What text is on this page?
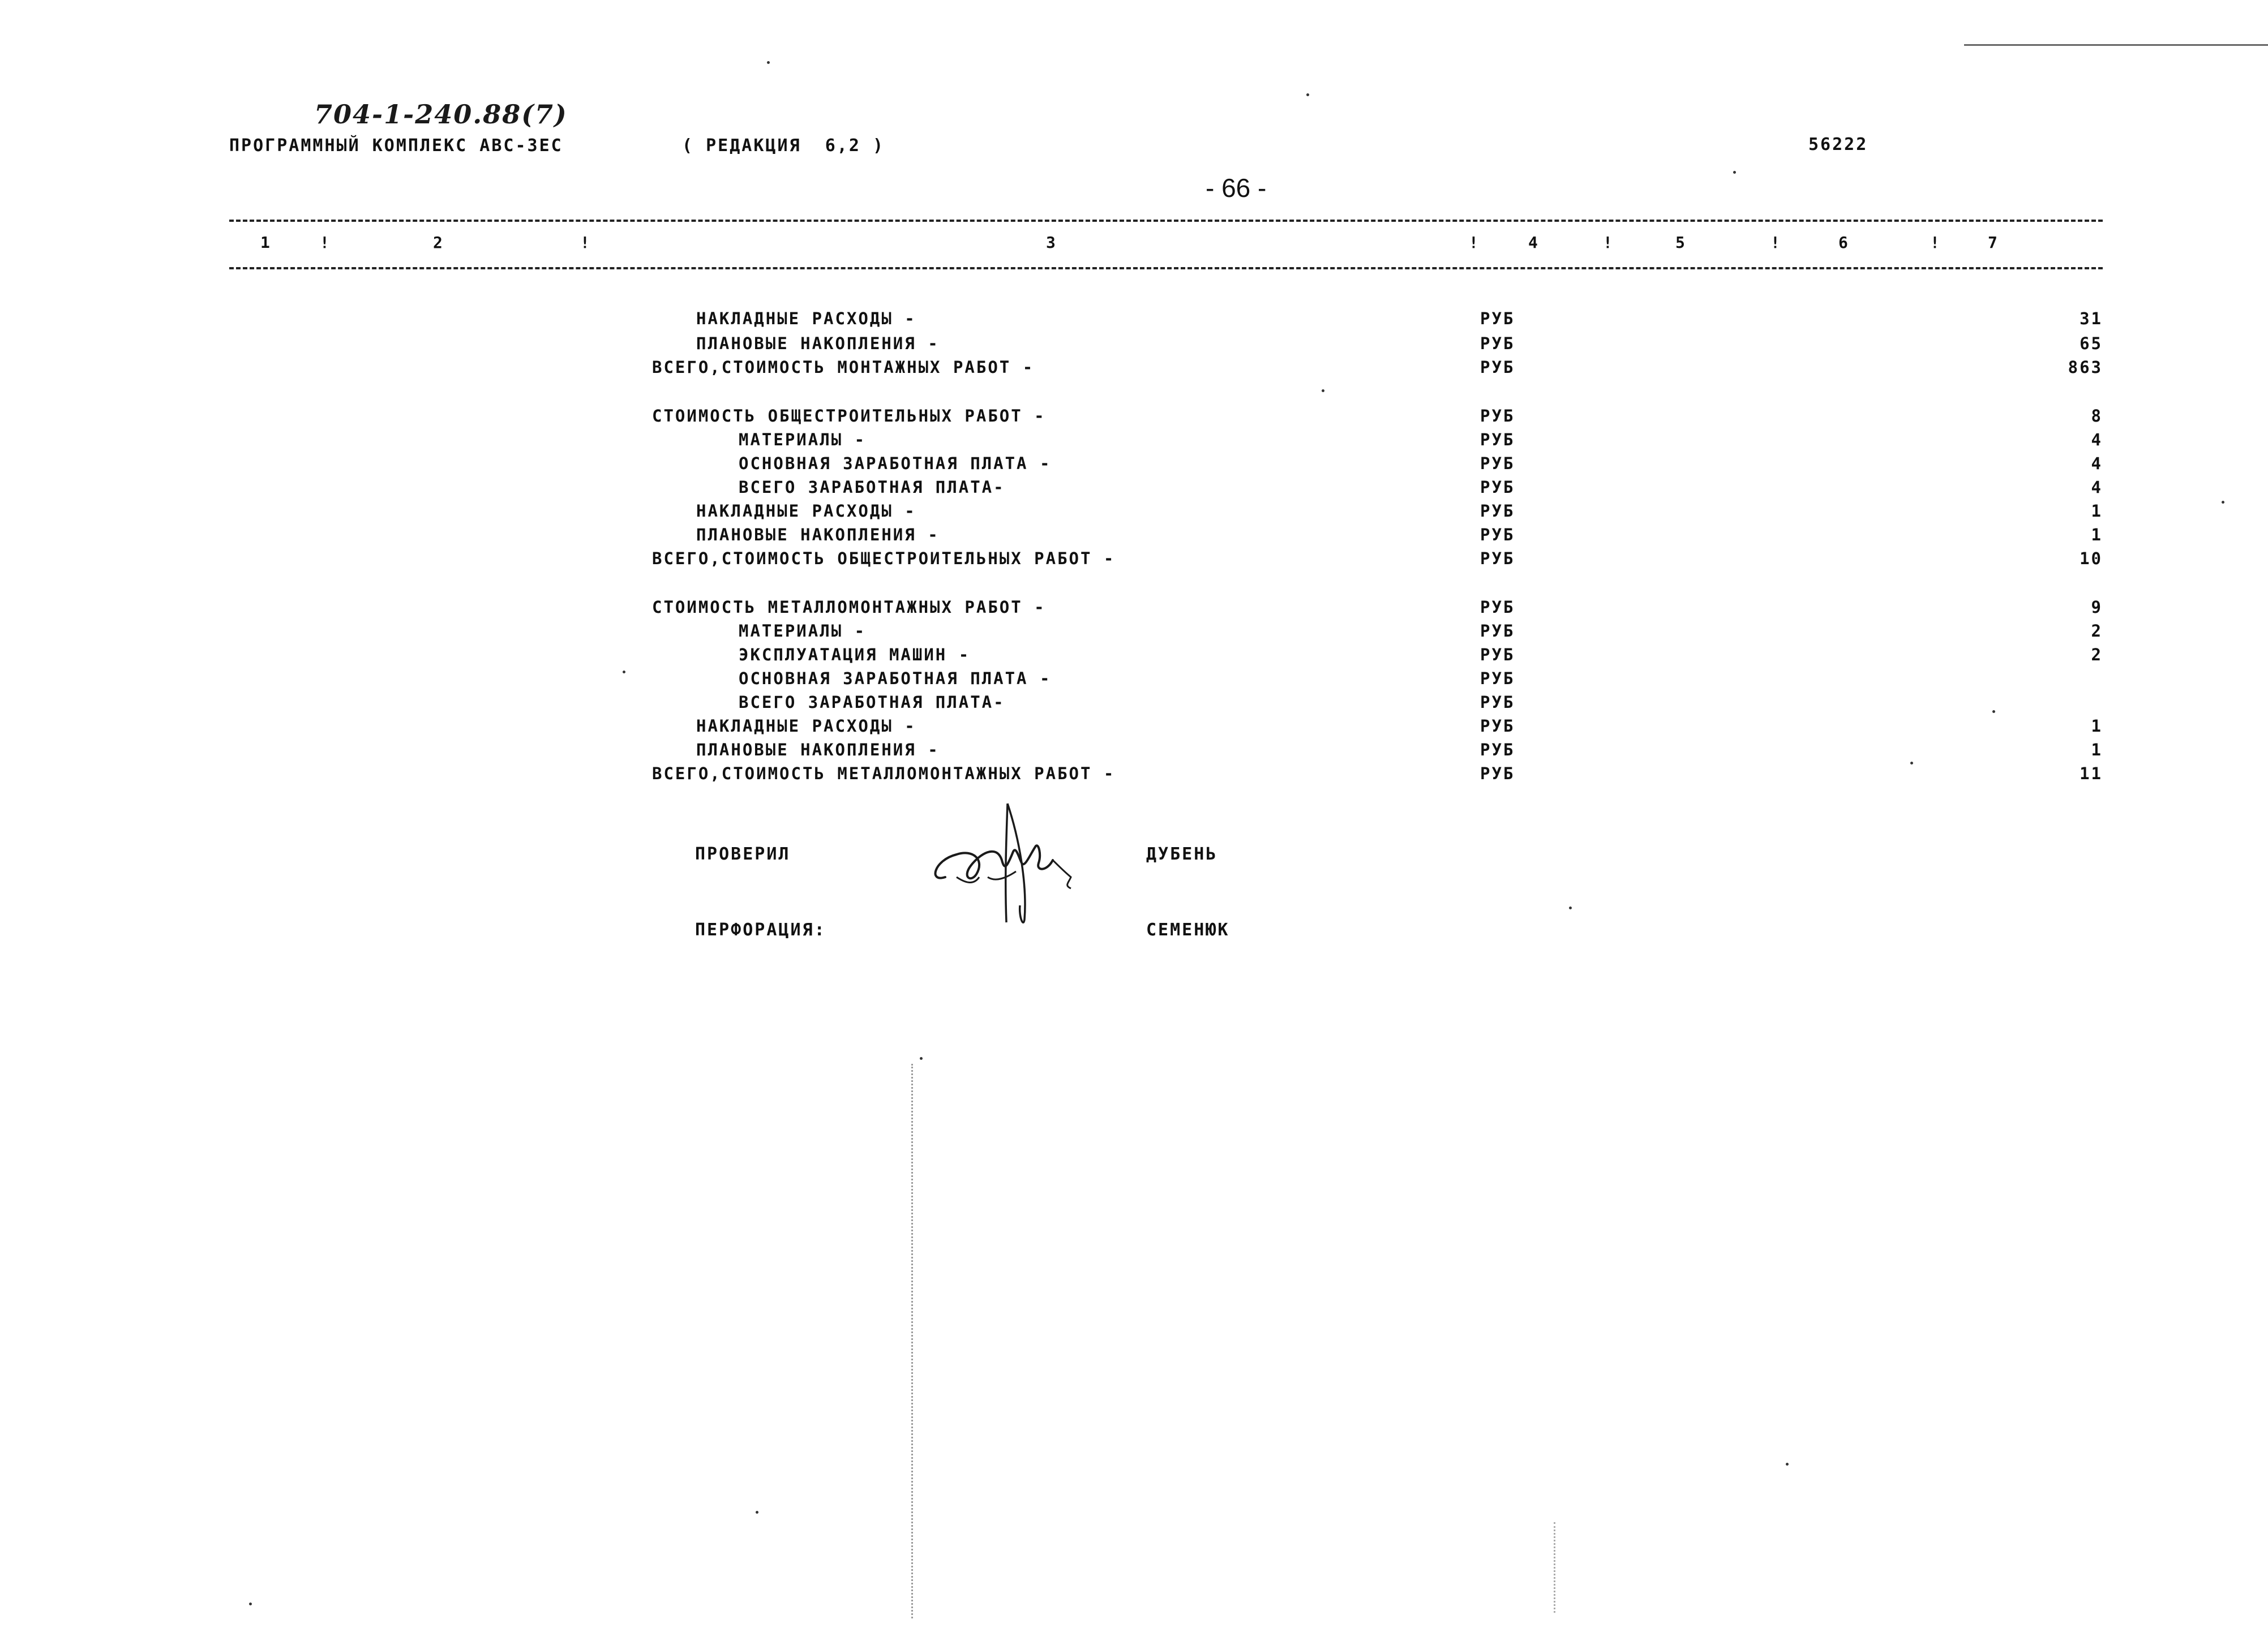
704-1-240.88(7)
ПРОГРАММНЫЙ КОМПЛЕКС АВС-3ЕС	( РЕДАКЦИЯ  6,2 )	56222
- 66 -
1	!	2	!	3	!	4	!	5	!	6	!	7
НАКЛАДНЫЕ РАСХОДЫ -	РУБ	31
ПЛАНОВЫЕ НАКОПЛЕНИЯ -	РУБ	65
ВСЕГО,СТОИМОСТЬ МОНТАЖНЫХ РАБОТ -	РУБ	863
СТОИМОСТЬ ОБЩЕСТРОИТЕЛЬНЫХ РАБОТ -	РУБ	8
МАТЕРИАЛЫ -	РУБ	4
ОСНОВНАЯ ЗАРАБОТНАЯ ПЛАТА -	РУБ	4
ВСЕГО ЗАРАБОТНАЯ ПЛАТА-	РУБ	4
НАКЛАДНЫЕ РАСХОДЫ -	РУБ	1
ПЛАНОВЫЕ НАКОПЛЕНИЯ -	РУБ	1
ВСЕГО,СТОИМОСТЬ ОБЩЕСТРОИТЕЛЬНЫХ РАБОТ -	РУБ	10
СТОИМОСТЬ МЕТАЛЛОМОНТАЖНЫХ РАБОТ -	РУБ	9
МАТЕРИАЛЫ -	РУБ	2
ЭКСПЛУАТАЦИЯ МАШИН -	РУБ	2
ОСНОВНАЯ ЗАРАБОТНАЯ ПЛАТА -	РУБ
ВСЕГО ЗАРАБОТНАЯ ПЛАТА-	РУБ
НАКЛАДНЫЕ РАСХОДЫ -	РУБ	1
ПЛАНОВЫЕ НАКОПЛЕНИЯ -	РУБ	1
ВСЕГО,СТОИМОСТЬ МЕТАЛЛОМОНТАЖНЫХ РАБОТ -	РУБ	11
ПРОВЕРИЛ	ДУБЕНЬ
ПЕРФОРАЦИЯ:	СЕМЕНЮК
